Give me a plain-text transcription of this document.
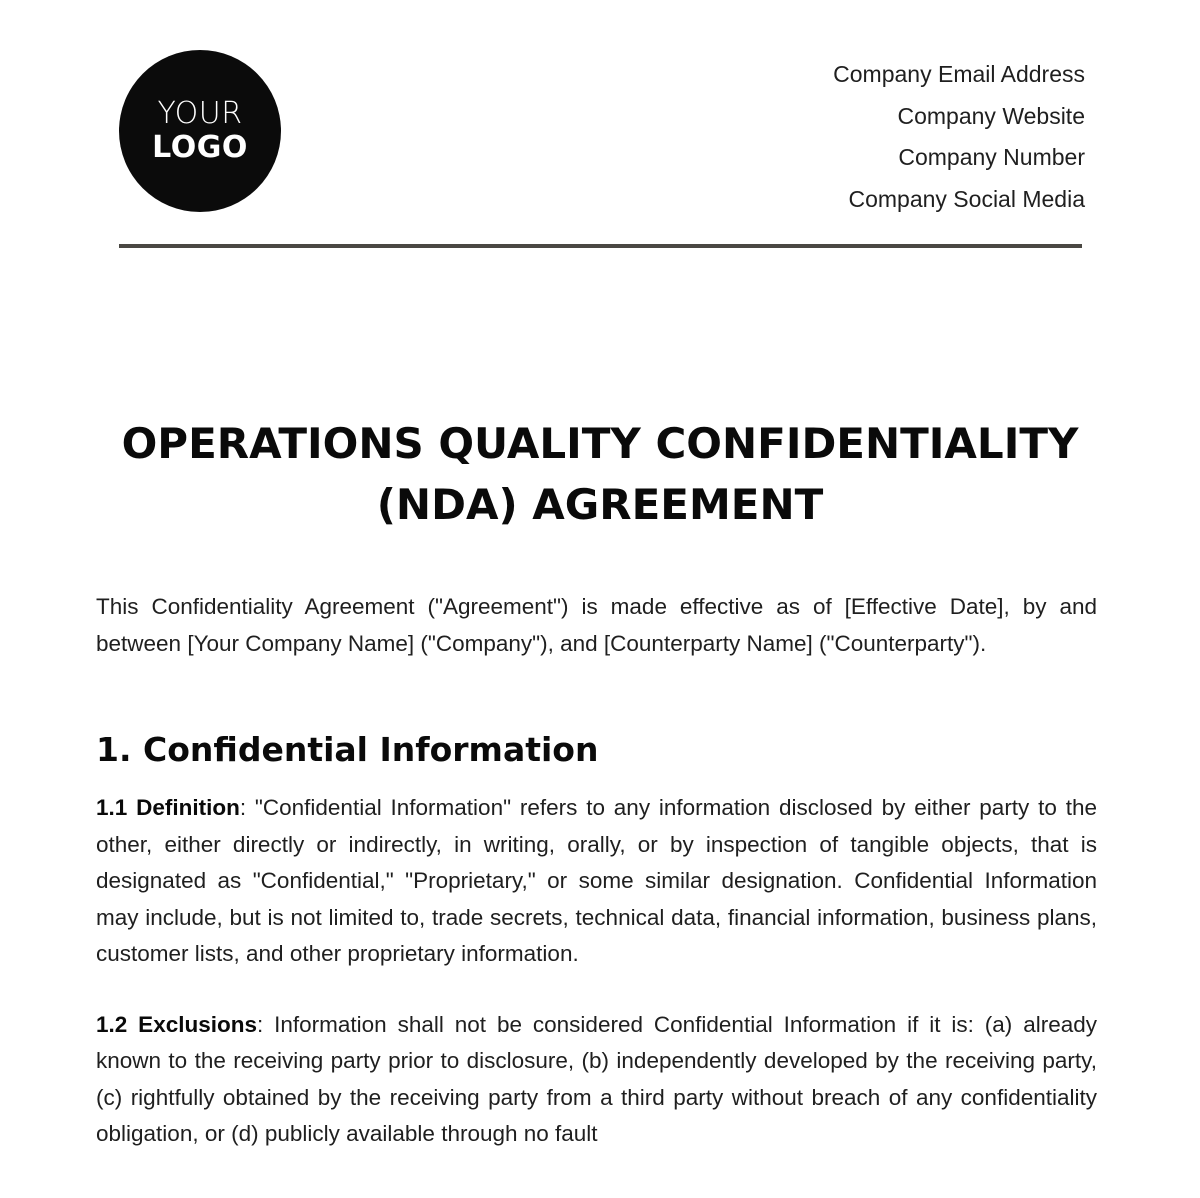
YOUR
LOGO
Company Email Address
Company Website
Company Number
Company Social Media
OPERATIONS QUALITY CONFIDENTIALITY (NDA) AGREEMENT

This Confidentiality Agreement ("Agreement") is made effective as of [Effective Date], by and between [Your Company Name] ("Company"), and [Counterparty Name] ("Counterparty").

1. Confidential Information

1.1 Definition: "Confidential Information" refers to any information disclosed by either party to the other, either directly or indirectly, in writing, orally, or by inspection of tangible objects, that is designated as "Confidential," "Proprietary," or some similar designation. Confidential Information may include, but is not limited to, trade secrets, technical data, financial information, business plans, customer lists, and other proprietary information.

1.2 Exclusions: Information shall not be considered Confidential Information if it is: (a) already known to the receiving party prior to disclosure, (b) independently developed by the receiving party, (c) rightfully obtained by the receiving party from a third party without breach of any confidentiality obligation, or (d) publicly available through no fault
